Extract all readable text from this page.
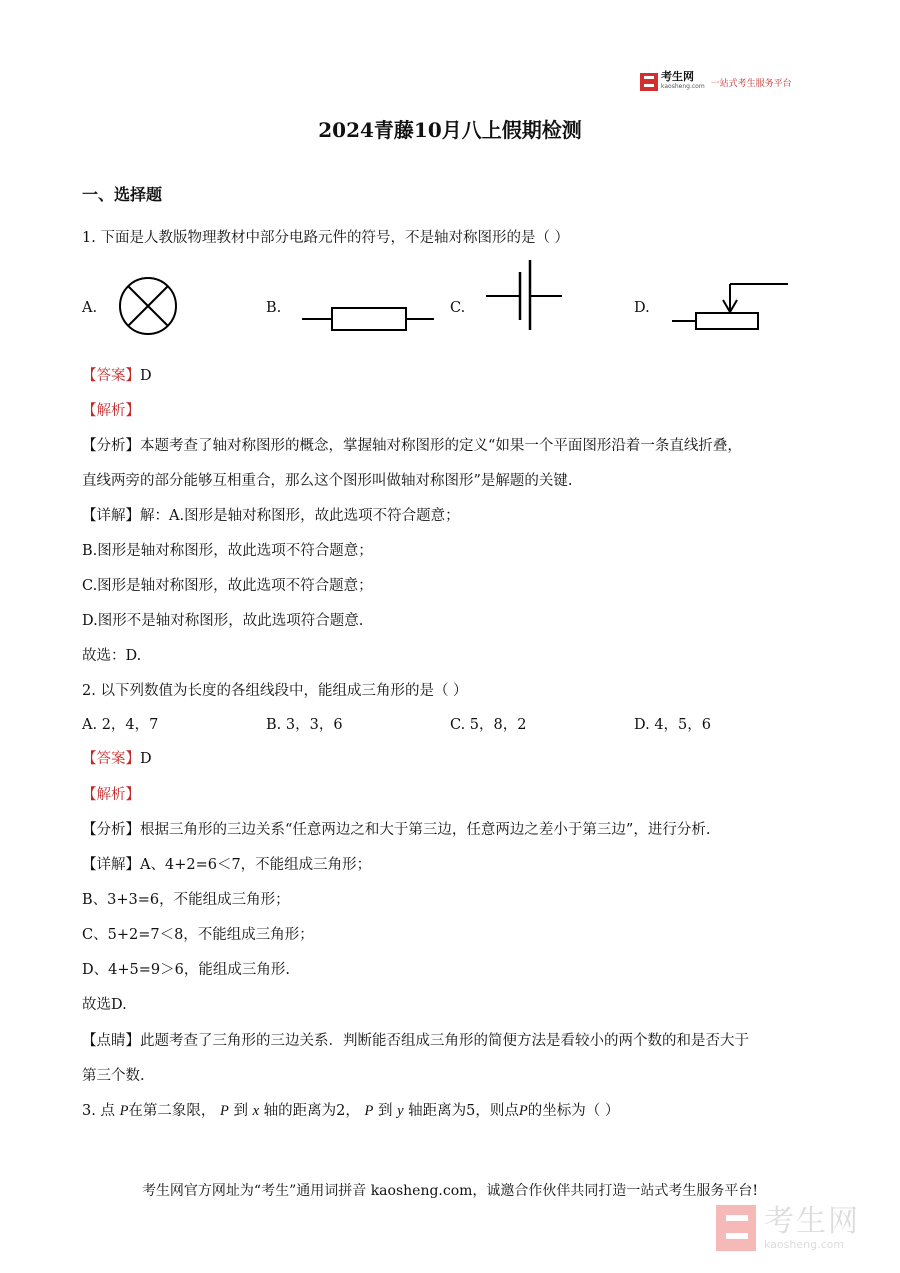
考生网
kaosheng.com 一站式考生服务平台
2024青藤10月八上假期检测
一、选择题
1. 下面是人教版物理教材中部分电路元件的符号，不是轴对称图形的是（ ）
A.	B.	C.	D.
【答案】D
【解析】
【分析】本题考查了轴对称图形的概念，掌握轴对称图形的定义“如果一个平面图形沿着一条直线折叠，
直线两旁的部分能够互相重合，那么这个图形叫做轴对称图形”是解题的关键.
【详解】解：A.图形是轴对称图形，故此选项不符合题意；
B.图形是轴对称图形，故此选项不符合题意；
C.图形是轴对称图形，故此选项不符合题意；
D.图形不是轴对称图形，故此选项符合题意.
故选：D.
2. 以下列数值为长度的各组线段中，能组成三角形的是（ ）
A. 2，4，7	B. 3，3，6	C. 5，8，2	D. 4，5，6
【答案】D
【解析】
【分析】根据三角形的三边关系“任意两边之和大于第三边，任意两边之差小于第三边”，进行分析.
【详解】A、4+2=6＜7，不能组成三角形；
B、3+3=6，不能组成三角形；
C、5+2=7＜8，不能组成三角形；
D、4+5=9＞6，能组成三角形.
故选D.
【点睛】此题考查了三角形的三边关系．判断能否组成三角形的简便方法是看较小的两个数的和是否大于
第三个数.
3. 点 P在第二象限， P 到 x 轴的距离为2， P 到 y 轴距离为5，则点P的坐标为（ ）
考生网官方网址为“考生”通用词拼音 kaosheng.com，诚邀合作伙伴共同打造一站式考生服务平台!
考生网
kaosheng.com
